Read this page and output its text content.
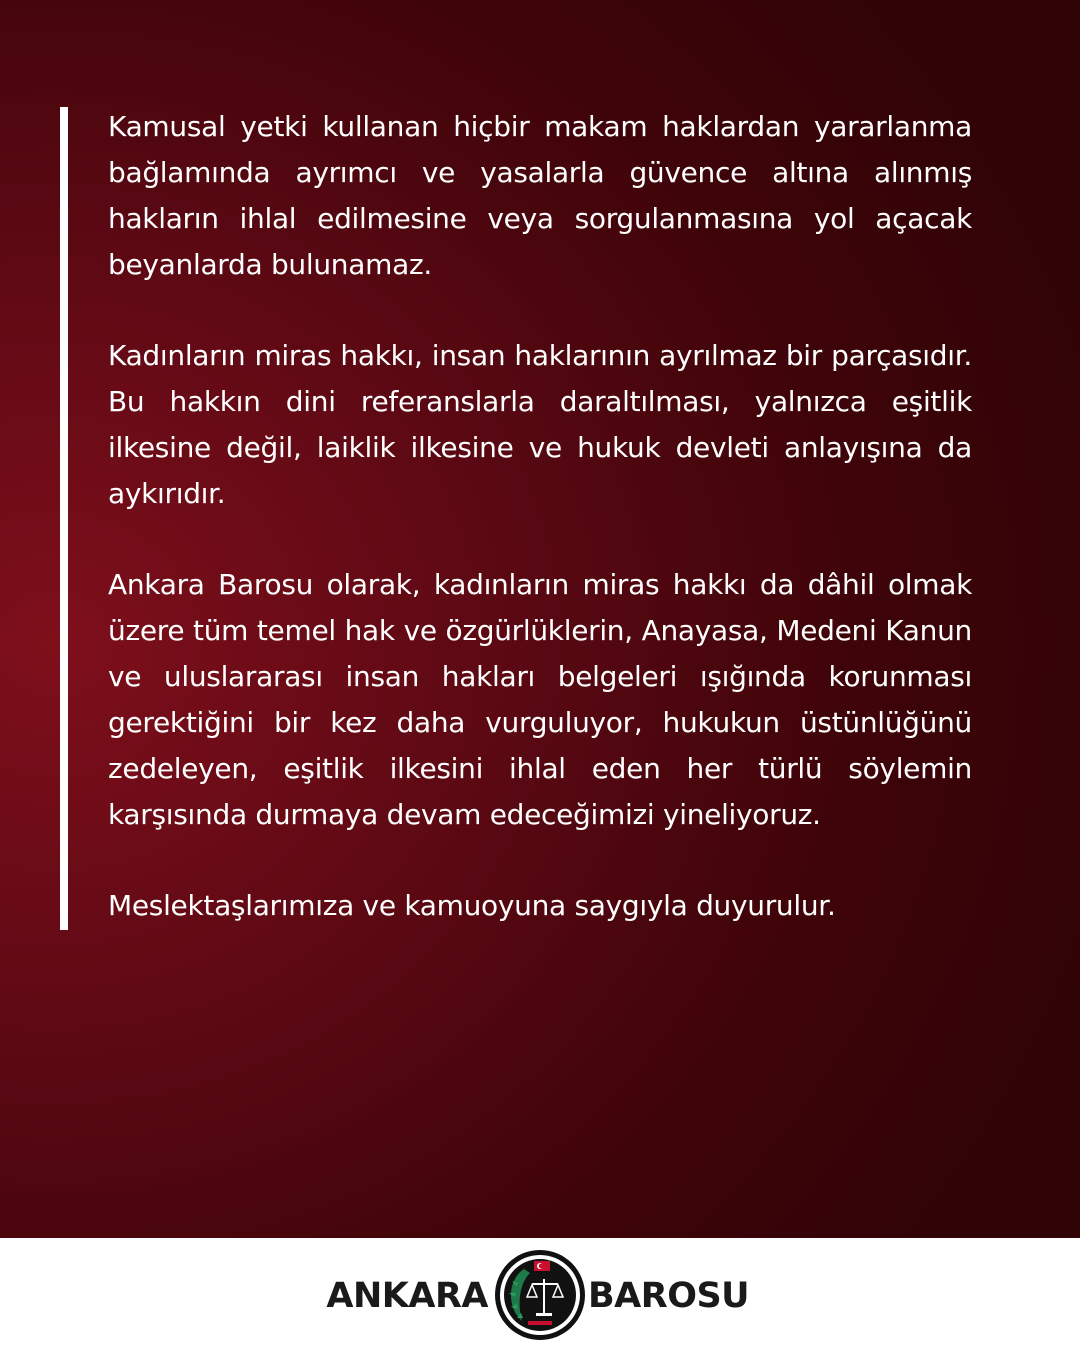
Kamusal yetki kullanan hiçbir makam haklardan yararlanma bağlamında ayrımcı ve yasalarla güvence altına alınmış hakların ihlal edilmesine veya sorgulanmasına yol açacak beyanlarda bulunamaz.

Kadınların miras hakkı, insan haklarının ayrılmaz bir parçasıdır. Bu hakkın dini referanslarla daraltılması, yalnızca eşitlik ilkesine değil, laiklik ilkesine ve hukuk devleti anlayışına da aykırıdır.

Ankara Barosu olarak, kadınların miras hakkı da dâhil olmak üzere tüm temel hak ve özgürlüklerin, Anayasa, Medeni Kanun ve uluslararası insan hakları belgeleri ışığında korunması gerektiğini bir kez daha vurguluyor, hukukun üstünlüğünü zedeleyen, eşitlik ilkesini ihlal eden her türlü söylemin karşısında durmaya devam edeceğimizi yineliyoruz.

Meslektaşlarımıza ve kamuoyuna saygıyla duyurulur.

ANKARA	BAROSU
